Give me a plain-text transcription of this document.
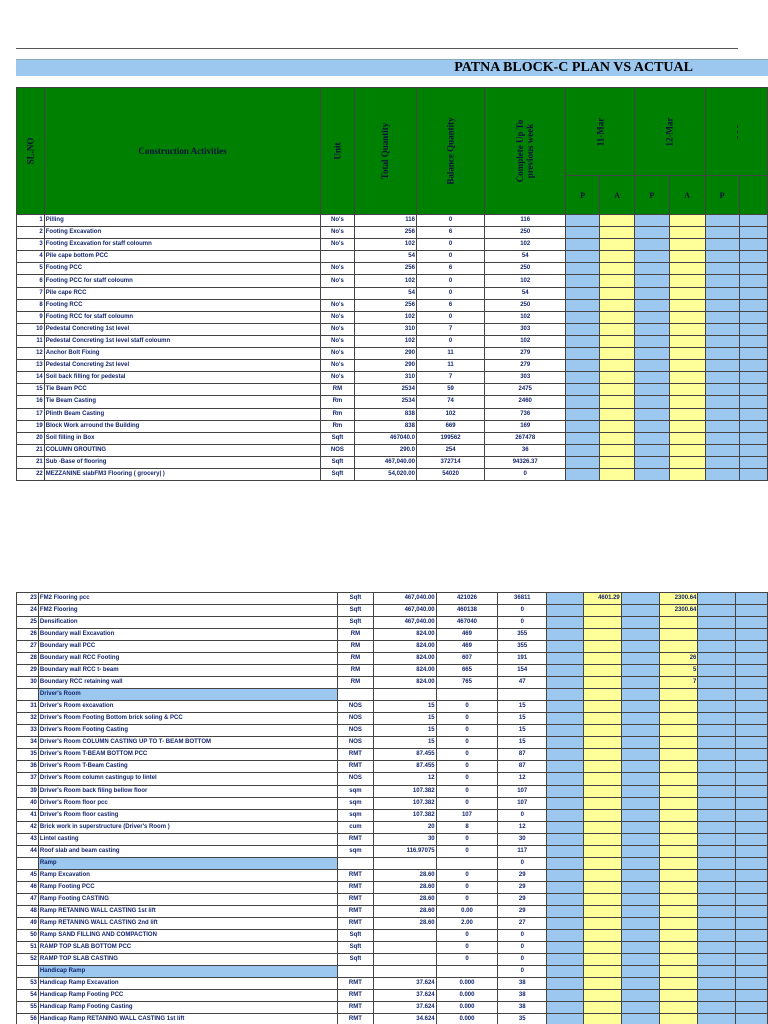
PATNA BLOCK-C PLAN VS ACTUAL
SL.NO	Construction Activities	Unit	Total Quantity	Balance Quantity	Complete Up To previous week	11-Mar		12-Mar		- - -	
						P	A	P	A	P	
1	Pilling	No's	116	0	116						
2	Footing Excavation	No's	256	6	250						
3	Footing Excavation for staff coloumn	No's	102	0	102						
4	Pile cape bottom PCC		54	0	54						
5	Footing PCC	No's	256	6	250						
6	Footing PCC for staff coloumn	No's	102	0	102						
7	Pile cape RCC		54	0	54						
8	Footing RCC	No's	256	6	250						
9	Footing RCC for staff coloumn	No's	102	0	102						
10	Pedestal Concreting 1st level	No's	310	7	303						
11	Pedestal Concreting 1st level staff coloumn	No's	102	0	102						
12	Anchor Bolt Fixing	No's	290	11	279						
13	Pedestal Concreting 2st level	No's	290	11	279						
14	Soil back filling for pedestal	No's	310	7	303						
15	Tie Beam PCC	RM	2534	59	2475						
16	Tie Beam Casting	Rm	2534	74	2460						
17	Plinth Beam Casting	Rm	838	102	736						
19	Block Work arround the Building	Rm	838	669	169						
20	Soil filling in Box	Sqft	467040.0	199562	267478						
21	COLUMN GROUTING	NOS	290.0	254	36						
21	Sub -Base of flooring	Sqft	467,040.00	372714	94326.37						
22	MEZZANINE slabFM3 Flooring ( grocery| )	Sqft	54,020.00	54020	0						
23	FM2 Flooring pcc	Sqft	467,040.00	421026	36811		4601.29		2300.64		
24	FM2 Flooring	Sqft	467,040.00	460138	0				2300.64		
25	Densification	Sqft	467,040.00	467040	0						
26	Boundary wall Excavation	RM	824.00	469	355						
27	Boundary wall PCC	RM	824.00	469	355						
28	Boundary wall RCC Footing	RM	824.00	607	191				26		
29	Boundary wall RCC t- beam	RM	824.00	665	154				5		
30	Boundary RCC retaining wall	RM	824.00	765	47				7		
	Driver's Room										
31	Driver's Room excavation	NOS	15	0	15						
32	Driver's Room Footing Bottom brick soling & PCC	NOS	15	0	15						
33	Driver's Room Footing Casting	NOS	15	0	15						
34	Driver's Room COLUMN CASTING UP TO T- BEAM BOTTOM	NOS	15	0	15						
35	Driver's Room T-BEAM BOTTOM PCC	RMT	87.455	0	87						
36	Driver's Room T-Beam Casting	RMT	87.455	0	87						
37	Driver's Room column castingup to lintel	NOS	12	0	12						
39	Driver's Room back filing bellow floor	sqm	107.382	0	107						
40	Driver's Room floor pcc	sqm	107.382	0	107						
41	Driver's Room floor casting	sqm	107.382	107	0						
42	Brick work in superstructure (Driver's Room )	cum	20	8	12						
43	Lintel casting	RMT	30	0	30						
44	Roof slab and beam casting	sqm	116.97075	0	117						
	Ramp				0						
45	Ramp Excavation	RMT	28.60	0	29						
46	Ramp Footing PCC	RMT	28.60	0	29						
47	Ramp Footing CASTING	RMT	28.60	0	29						
48	Ramp RETANING WALL CASTING 1st lift	RMT	28.60	0.00	29						
49	Ramp RETANING WALL CASTING 2nd lift	RMT	28.60	2.00	27						
50	Ramp SAND FILLING AND COMPACTION	Sqft		0	0						
51	RAMP TOP SLAB BOTTOM PCC	Sqft		0	0						
52	RAMP TOP SLAB CASTING	Sqft		0	0						
	Handicap Ramp				0						
53	Handicap Ramp Excavation	RMT	37.624	0.000	38						
54	Handicap Ramp Footing PCC	RMT	37.624	0.000	38						
55	Handicap Ramp Footing Casting	RMT	37.624	0.000	38						
56	Handicap Ramp RETANING WALL CASTING 1st lift	RMT	34.624	0.000	35						
